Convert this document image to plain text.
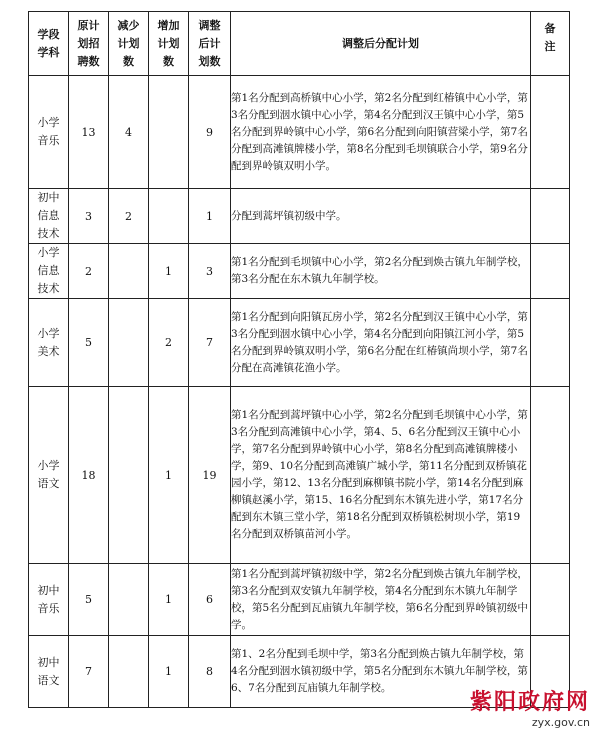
学段学科	原计划招聘数	减少计划数	增加计划数	调整后计划数	调整后分配计划	备注
小学音乐	13	4		9	第1名分配到高桥镇中心小学，第2名分配到红椿镇中心小学，第3名分配到洇水镇中心小学，第4名分配到汉王镇中心小学，第5名分配到界岭镇中心小学，第6名分配到向阳镇营梁小学，第7名分配到高滩镇牌楼小学，第8名分配到毛坝镇联合小学，第9名分配到界岭镇双明小学。	
初中信息技术	3	2		1	分配到蒿坪镇初级中学。	
小学信息技术	2		1	3	第1名分配到毛坝镇中心小学，第2名分配到焕古镇九年制学校，第3名分配在东木镇九年制学校。	
小学美术	5		2	7	第1名分配到向阳镇瓦房小学，第2名分配到汉王镇中心小学，第3名分配到洇水镇中心小学，第4名分配到向阳镇江河小学，第5名分配到界岭镇双明小学，第6名分配在红椿镇尚坝小学，第7名分配在高滩镇花渔小学。	
小学语文	18		1	19	第1名分配到蒿坪镇中心小学，第2名分配到毛坝镇中心小学，第3名分配到高滩镇中心小学，第4、5、6名分配到汉王镇中心小学，第7名分配到界岭镇中心小学，第8名分配到高滩镇牌楼小学，第9、10名分配到高滩镇广城小学，第11名分配到双桥镇花园小学，第12、13名分配到麻柳镇书院小学，第14名分配到麻柳镇赵溪小学，第15、16名分配到东木镇先进小学，第17名分配到东木镇三堂小学，第18名分配到双桥镇松树坝小学，第19名分配到双桥镇苗河小学。	
初中音乐	5		1	6	第1名分配到蒿坪镇初级中学，第2名分配到焕古镇九年制学校，第3名分配到双安镇九年制学校，第4名分配到东木镇九年制学校，第5名分配到瓦庙镇九年制学校，第6名分配到界岭镇初级中学。	
初中语文	7		1	8	第1、2名分配到毛坝中学，第3名分配到焕古镇九年制学校，第4名分配到洇水镇初级中学，第5名分配到东木镇九年制学校，第6、7名分配到瓦庙镇九年制学校。	
紫阳政府网
zyx.gov.cn
